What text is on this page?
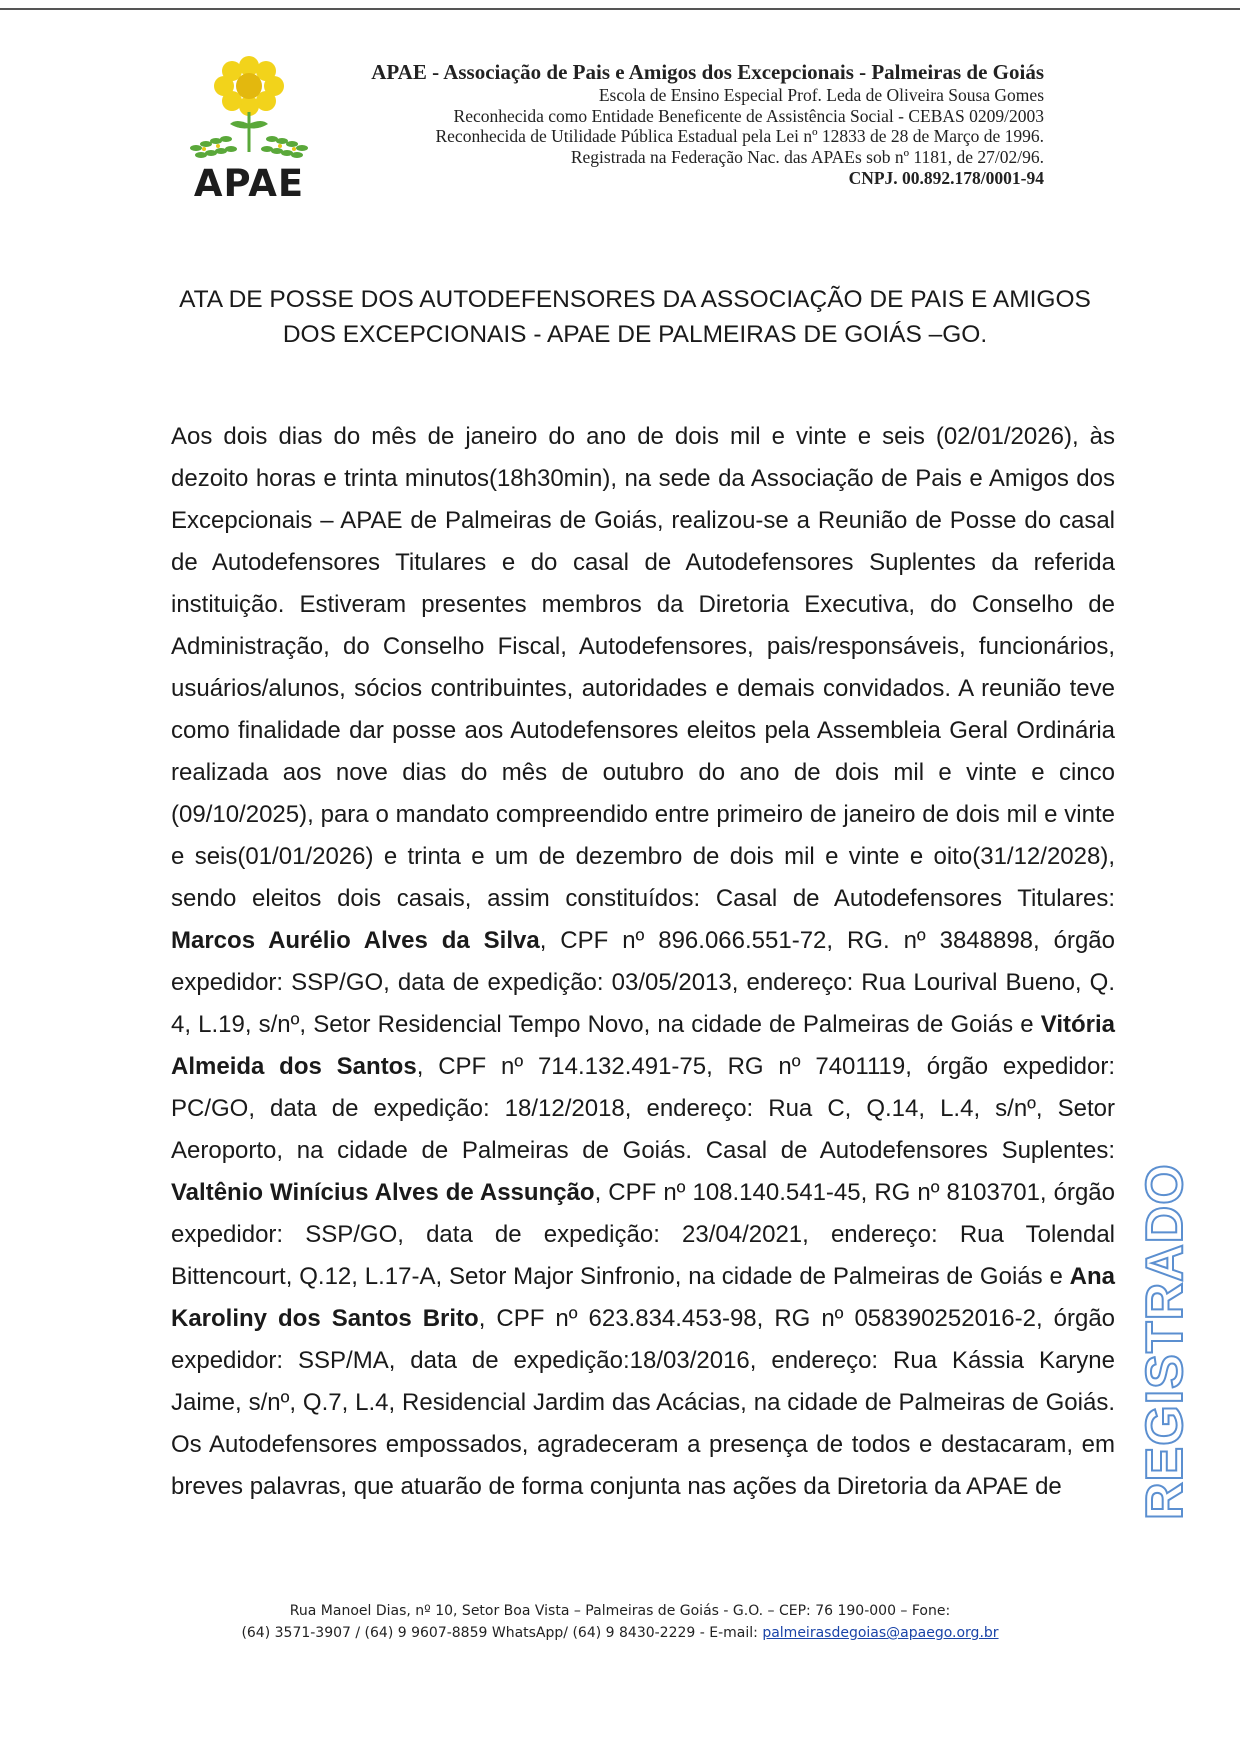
APAE
APAE - Associação de Pais e Amigos dos Excepcionais - Palmeiras de Goiás
Escola de Ensino Especial Prof. Leda de Oliveira Sousa Gomes
Reconhecida como Entidade Beneficente de Assistência Social - CEBAS 0209/2003
Reconhecida de Utilidade Pública Estadual pela Lei nº 12833 de 28 de Março de 1996.
Registrada na Federação Nac. das APAEs sob nº 1181, de 27/02/96.
CNPJ. 00.892.178/0001-94
ATA DE POSSE DOS AUTODEFENSORES DA ASSOCIAÇÃO DE PAIS E AMIGOS
DOS EXCEPCIONAIS - APAE DE PALMEIRAS DE GOIÁS –GO.
Aos dois dias do mês de janeiro do ano de dois mil e vinte e seis (02/01/2026), às dezoito horas e trinta minutos(18h30min), na sede da Associação de Pais e Amigos dos Excepcionais – APAE de Palmeiras de Goiás, realizou-se a Reunião de Posse do casal de Autodefensores Titulares e do casal de Autodefensores Suplentes da referida instituição. Estiveram presentes membros da Diretoria Executiva, do Conselho de Administração, do Conselho Fiscal, Autodefensores, pais/responsáveis, funcionários, usuários/alunos, sócios contribuintes, autoridades e demais convidados. A reunião teve como finalidade dar posse aos Autodefensores eleitos pela Assembleia Geral Ordinária realizada aos nove dias do mês de outubro do ano de dois mil e vinte e cinco (09/10/2025), para o mandato compreendido entre primeiro de janeiro de dois mil e vinte e seis(01/01/2026) e trinta e um de dezembro de dois mil e vinte e oito(31/12/2028), sendo eleitos dois casais, assim constituídos: Casal de Autodefensores Titulares: Marcos Aurélio Alves da Silva, CPF nº 896.066.551-72, RG. nº 3848898, órgão expedidor: SSP/GO, data de expedição: 03/05/2013, endereço: Rua Lourival Bueno, Q. 4, L.19, s/nº, Setor Residencial Tempo Novo, na cidade de Palmeiras de Goiás e Vitória Almeida dos Santos, CPF nº 714.132.491-75, RG nº 7401119, órgão expedidor: PC/GO, data de expedição: 18/12/2018, endereço: Rua C, Q.14, L.4, s/nº, Setor Aeroporto, na cidade de Palmeiras de Goiás. Casal de Autodefensores Suplentes: Valtênio Winícius Alves de Assunção, CPF nº 108.140.541-45, RG nº 8103701, órgão expedidor: SSP/GO, data de expedição: 23/04/2021, endereço: Rua Tolendal Bittencourt, Q.12, L.17-A, Setor Major Sinfronio, na cidade de Palmeiras de Goiás e Ana Karoliny dos Santos Brito, CPF nº 623.834.453-98, RG nº 058390252016-2, órgão expedidor: SSP/MA, data de expedição:18/03/2016, endereço: Rua Kássia Karyne Jaime, s/nº, Q.7, L.4, Residencial Jardim das Acácias, na cidade de Palmeiras de Goiás. Os Autodefensores empossados, agradeceram a presença de todos e destacaram, em breves palavras, que atuarão de forma conjunta nas ações da Diretoria da APAE de	REGISTRADO
Rua Manoel Dias, nº 10, Setor Boa Vista – Palmeiras de Goiás - G.O. – CEP: 76 190-000 – Fone:
(64) 3571-3907 / (64) 9 9607-8859 WhatsApp/ (64) 9 8430-2229 - E-mail: palmeirasdegoias@apaego.org.br
